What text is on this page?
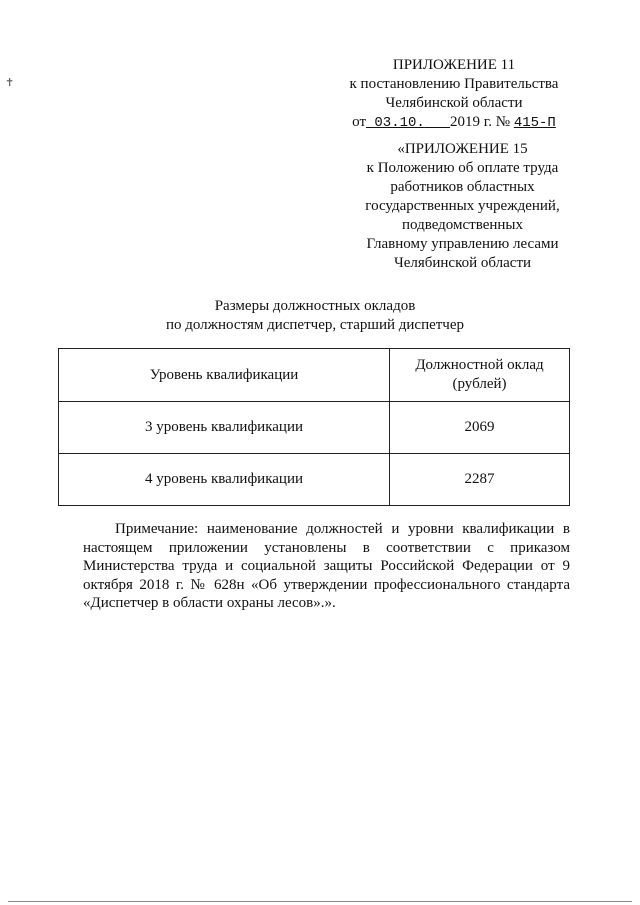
✝
ПРИЛОЖЕНИЕ 11
к постановлению Правительства
Челябинской области
от 03.10. 2019 г. № 415-П
«ПРИЛОЖЕНИЕ 15
к Положению об оплате труда
работников областных
государственных учреждений,
подведомственных
Главному управлению лесами
Челябинской области
Размеры должностных окладов
по должностям диспетчер, старший диспетчер
Уровень квалификации	Должностной оклад
(рублей)

3 уровень квалификации	2069
4 уровень квалификации	2287
Примечание: наименование должностей и уровни квалификации в настоящем приложении установлены в соответствии с приказом Министерства труда и социальной защиты Российской Федерации от 9 октября 2018 г. № 628н «Об утверждении профессионального стандарта «Диспетчер в области охраны лесов».».
